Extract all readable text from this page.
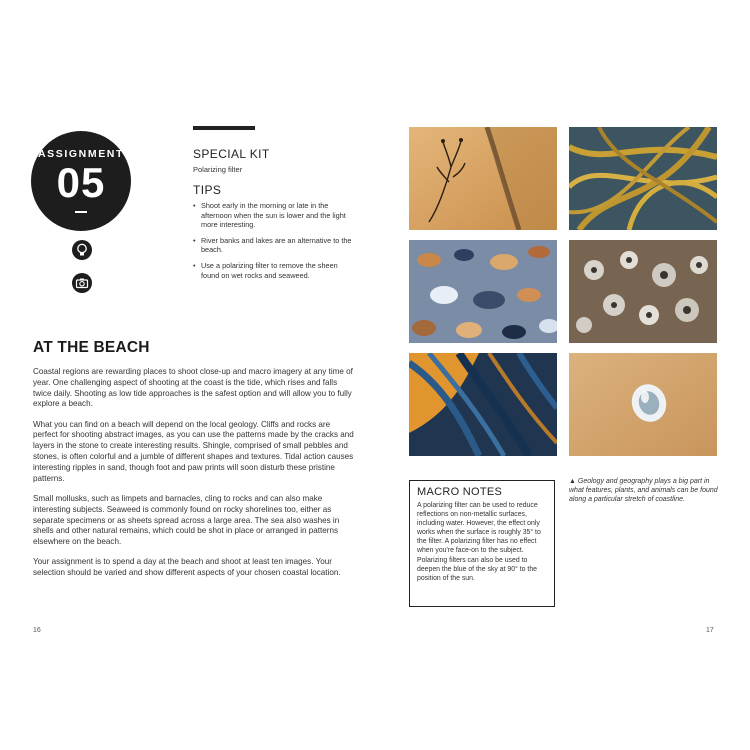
ASSIGNMENT
05
SPECIAL KIT
Polarizing filter
TIPS
• Shoot early in the morning or late in the afternoon when the sun is lower and the light more interesting.
• River banks and lakes are an alternative to the beach.
• Use a polarizing filter to remove the sheen found on wet rocks and seaweed.
AT THE BEACH

Coastal regions are rewarding places to shoot close-up and macro imagery at any time of year. One challenging aspect of shooting at the coast is the tide, which rises and falls twice daily. Shooting as low tide approaches is the safest option and will allow you to fully explore a beach.

What you can find on a beach will depend on the local geology. Cliffs and rocks are perfect for shooting abstract images, as you can use the patterns made by the cracks and layers in the stone to create interesting results. Shingle, comprised of small pebbles and stones, is often colorful and a jumble of different shapes and textures. Tidal action causes interesting ripples in sand, though foot and paw prints will soon disturb these pristine patterns.

Small mollusks, such as limpets and barnacles, cling to rocks and can also make interesting subjects. Seaweed is commonly found on rocky shorelines too, either as separate specimens or as sheets spread across a large area. The sea also washes in shells and other natural remains, which could be shot in place or arranged in patterns elsewhere on the beach.

Your assignment is to spend a day at the beach and shoot at least ten images. Your selection should be varied and show different aspects of your chosen coastal location.

16	17
MACRO NOTES

A polarizing filter can be used to reduce reflections on non-metallic surfaces, including water. However, the effect only works when the surface is roughly 35° to the filter. A polarizing filter has no effect when you're face-on to the subject. Polarizing filters can also be used to deepen the blue of the sky at 90° to the position of the sun.

▲ Geology and geography plays a big part in what features, plants, and animals can be found along a particular stretch of coastline.
